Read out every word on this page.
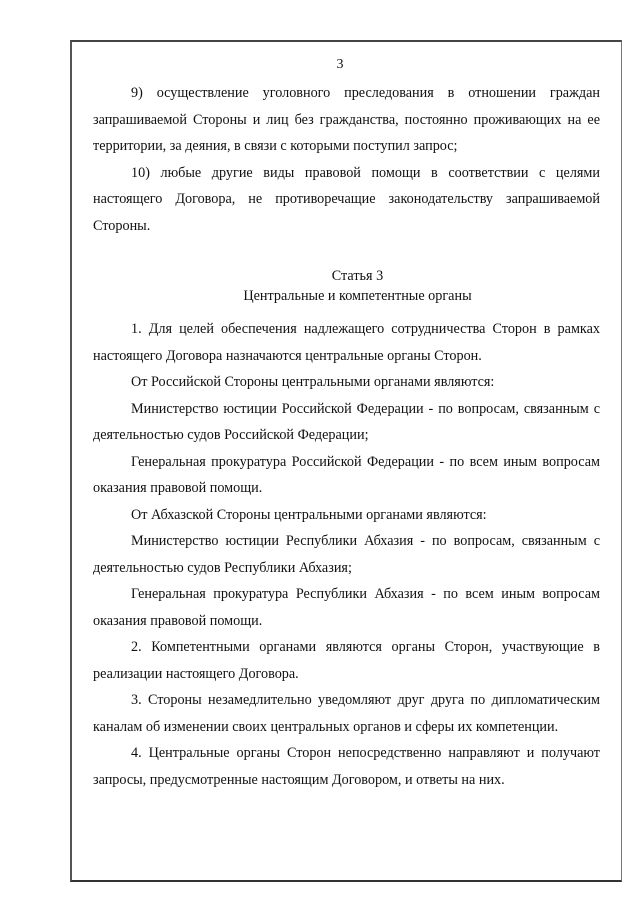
3

9) осуществление уголовного преследования в отношении граждан запрашиваемой Стороны и лиц без гражданства, постоянно проживающих на ее территории, за деяния, в связи с которыми поступил запрос;

10) любые другие виды правовой помощи в соответствии с целями настоящего Договора, не противоречащие законодательству запрашиваемой Стороны.

Статья 3
Центральные и компетентные органы

1. Для целей обеспечения надлежащего сотрудничества Сторон в рамках настоящего Договора назначаются центральные органы Сторон.

От Российской Стороны центральными органами являются:

Министерство юстиции Российской Федерации - по вопросам, связанным с деятельностью судов Российской Федерации;

Генеральная прокуратура Российской Федерации - по всем иным вопросам оказания правовой помощи.

От Абхазской Стороны центральными органами являются:

Министерство юстиции Республики Абхазия - по вопросам, связанным с деятельностью судов Республики Абхазия;

Генеральная прокуратура Республики Абхазия - по всем иным вопросам оказания правовой помощи.

2. Компетентными органами являются органы Сторон, участвующие в реализации настоящего Договора.

3. Стороны незамедлительно уведомляют друг друга по дипломатическим каналам об изменении своих центральных органов и сферы их компетенции.

4. Центральные органы Сторон непосредственно направляют и получают запросы, предусмотренные настоящим Договором, и ответы на них.
